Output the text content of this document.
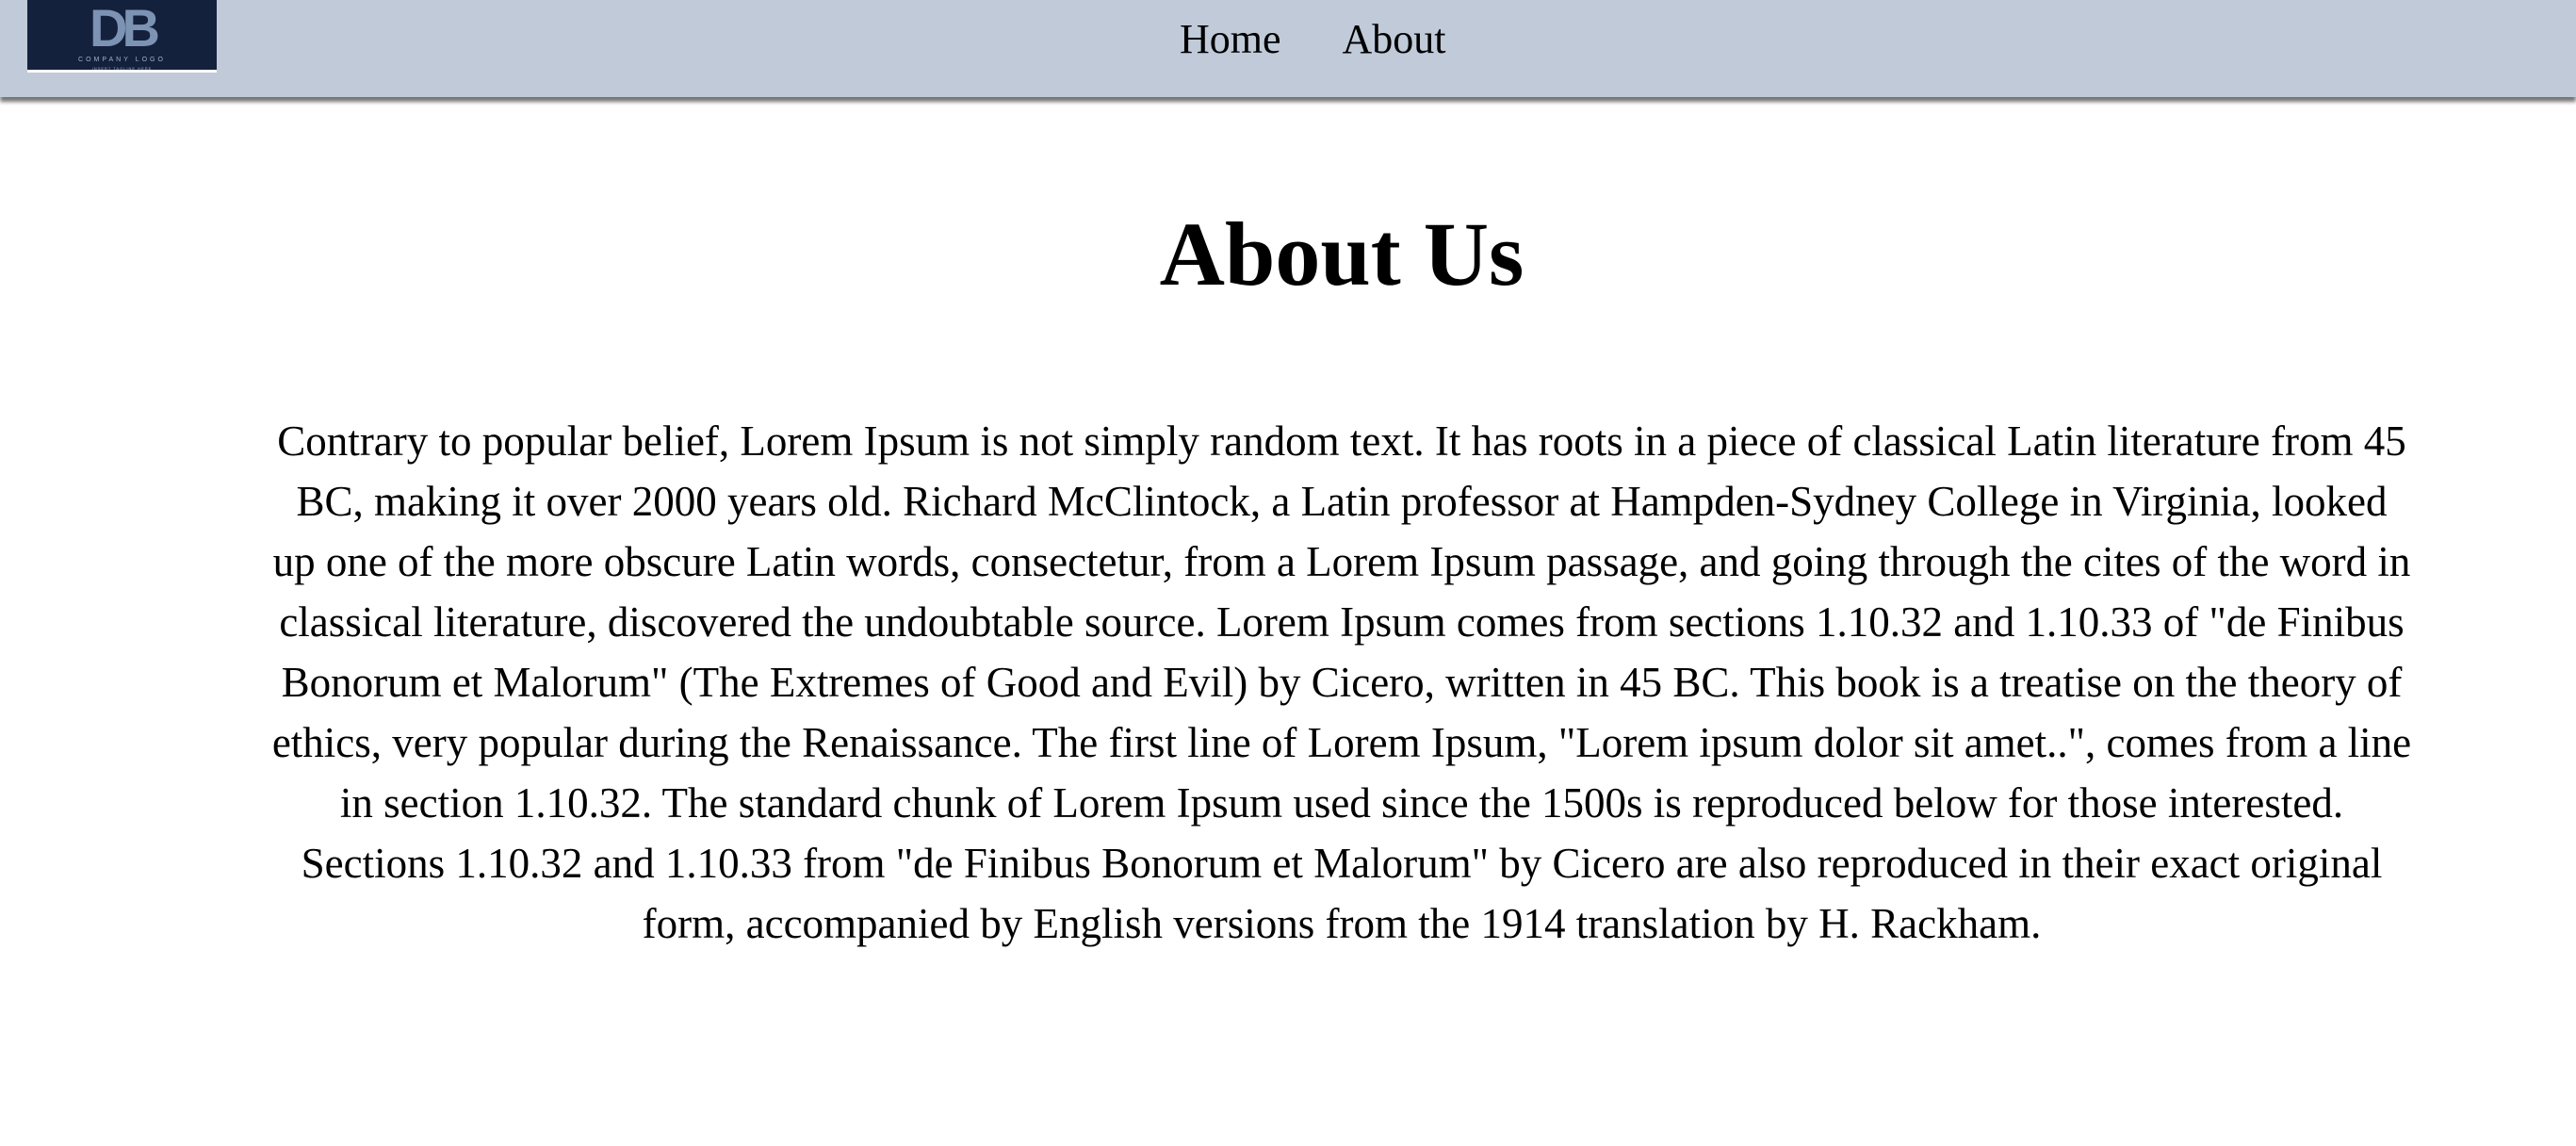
DB
COMPANY LOGO
INSERT TAGLINE HERE
Home About
About Us

Contrary to popular belief, Lorem Ipsum is not simply random text. It has roots in a piece of classical Latin literature from 45 BC, making it over 2000 years old. Richard McClintock, a Latin professor at Hampden-Sydney College in Virginia, looked up one of the more obscure Latin words, consectetur, from a Lorem Ipsum passage, and going through the cites of the word in classical literature, discovered the undoubtable source. Lorem Ipsum comes from sections 1.10.32 and 1.10.33 of "de Finibus Bonorum et Malorum" (The Extremes of Good and Evil) by Cicero, written in 45 BC. This book is a treatise on the theory of ethics, very popular during the Renaissance. The first line of Lorem Ipsum, "Lorem ipsum dolor sit amet..", comes from a line in section 1.10.32. The standard chunk of Lorem Ipsum used since the 1500s is reproduced below for those interested. Sections 1.10.32 and 1.10.33 from "de Finibus Bonorum et Malorum" by Cicero are also reproduced in their exact original form, accompanied by English versions from the 1914 translation by H. Rackham.
